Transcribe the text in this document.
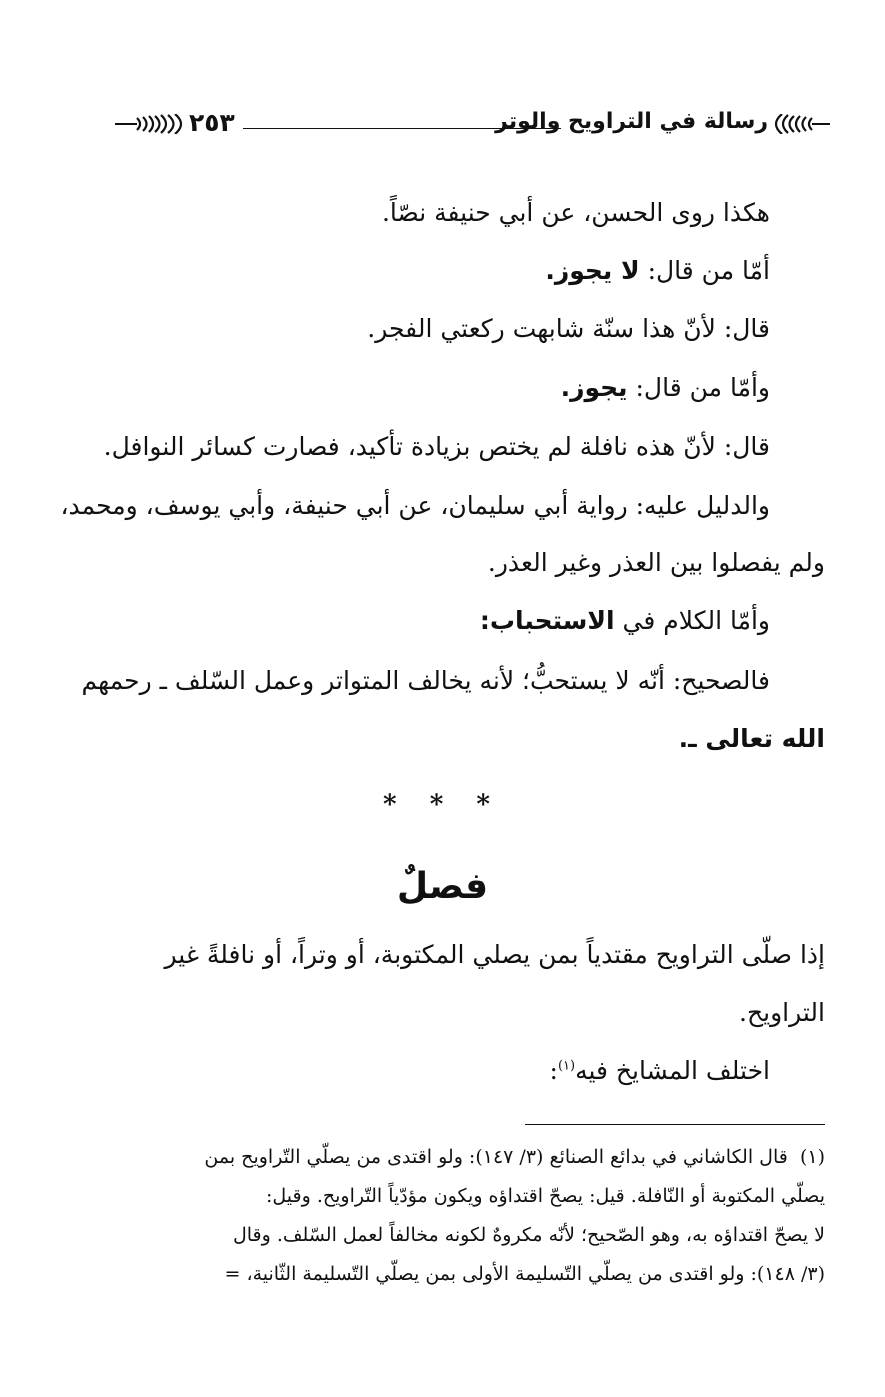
٢٥٣	رسالة في التراويح والوتر
هكذا روى الحسن، عن أبي حنيفة نصّاً.
أمّا من قال: لا يجوز.
قال: لأنّ هذا سنّة شابهت ركعتي الفجر.
وأمّا من قال: يجوز.
قال: لأنّ هذه نافلة لم يختص بزيادة تأكيد، فصارت كسائر النوافل.
والدليل عليه: رواية أبي سليمان، عن أبي حنيفة، وأبي يوسف، ومحمد،
ولم يفصلوا بين العذر وغير العذر.
وأمّا الكلام في الاستحباب:
فالصحيح: أنّه لا يستحبُّ؛ لأنه يخالف المتواتر وعمل السّلف ـ رحمهم
الله تعالى ـ.
* * *
فصلٌ
إذا صلّى التراويح مقتدياً بمن يصلي المكتوبة، أو وتراً، أو نافلةً غير
التراويح.
اختلف المشايخ فيه$^{(١)}$:
(١)  قال الكاشاني في بدائع الصنائع (٣/ ١٤٧): ولو اقتدى من يصلّي التّراويح بمن
يصلّي المكتوبة أو النّافلة. قيل: يصحّ اقتداؤه ويكون مؤدّياً التّراويح. وقيل:
لا يصحّ اقتداؤه به، وهو الصّحيح؛ لأنّه مكروهٌ لكونه مخالفاً لعمل السّلف. وقال
(٣/ ١٤٨): ولو اقتدى من يصلّي التّسليمة الأولى بمن يصلّي التّسليمة الثّانية، =
